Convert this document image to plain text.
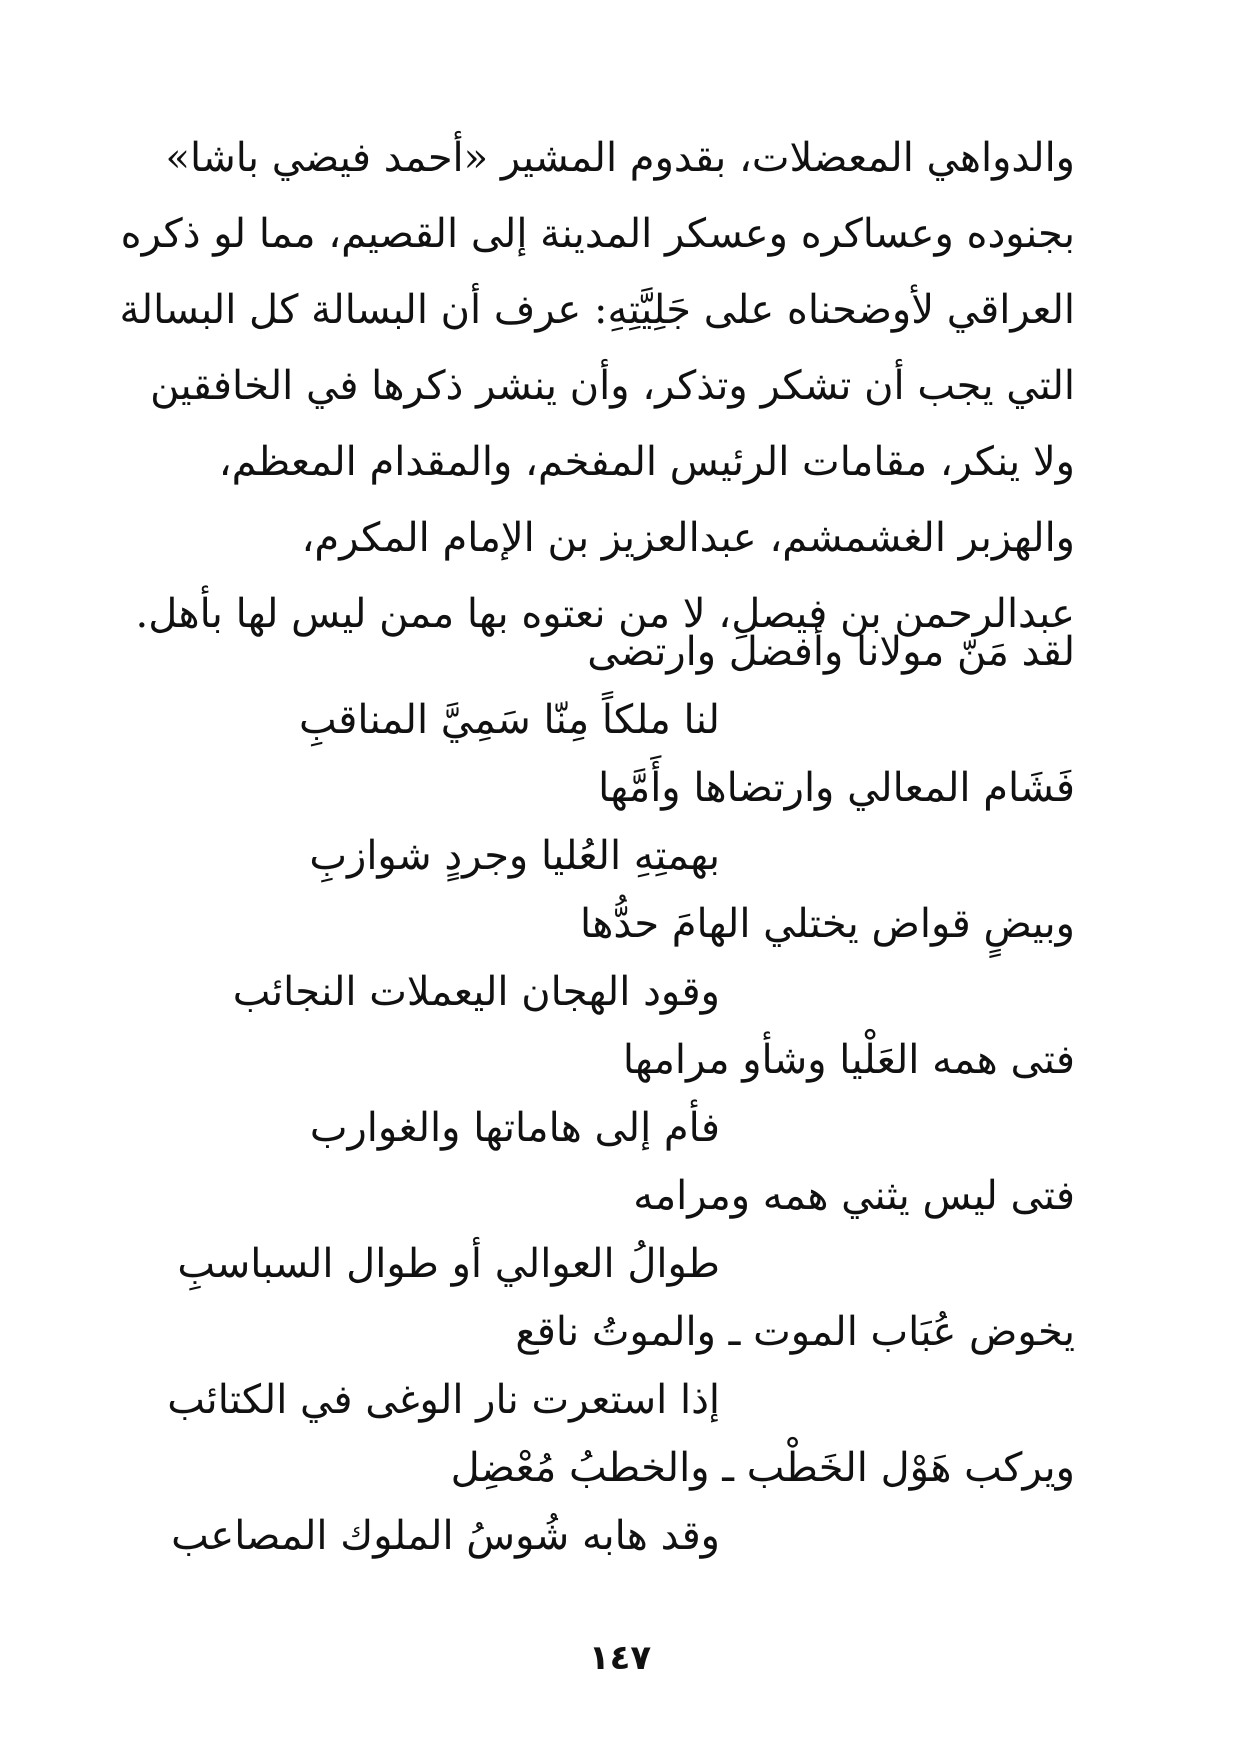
والدواهي المعضلات، بقدوم المشير «أحمد فيضي باشا»
بجنوده وعساكره وعسكر المدينة إلى القصيم، مما لو ذكره
العراقي لأوضحناه على جَلِيَّتِهِ: عرف أن البسالة كل البسالة
التي يجب أن تشكر وتذكر، وأن ينشر ذكرها في الخافقين
ولا ينكر، مقامات الرئيس المفخم، والمقدام المعظم،
والهزبر الغشمشم، عبدالعزيز بن الإمام المكرم،
عبدالرحمن بن فيصل، لا من نعتوه بها ممن ليس لها بأهل.
لقد مَنّ مولانا وأفضلَ وارتضى
لنا ملكاً مِنّا سَمِيَّ المناقبِ
فَشَام المعالي وارتضاها وأَمَّها
بهمتِهِ العُليا وجردٍ شوازبِ
وبيضٍ قواض يختلي الهامَ حدُّها
وقود الهجان اليعملات النجائب
فتى همه العَلْيا وشأو مرامها
فأم إلى هاماتها والغوارب
فتى ليس يثني همه ومرامه
طوالُ العوالي أو طوال السباسبِ
يخوض عُبَاب الموت ـ والموتُ ناقع
إذا استعرت نار الوغى في الكتائب
ويركب هَوْل الخَطْب ـ والخطبُ مُعْضِل
وقد هابه شُوسُ الملوك المصاعب
١٤٧
